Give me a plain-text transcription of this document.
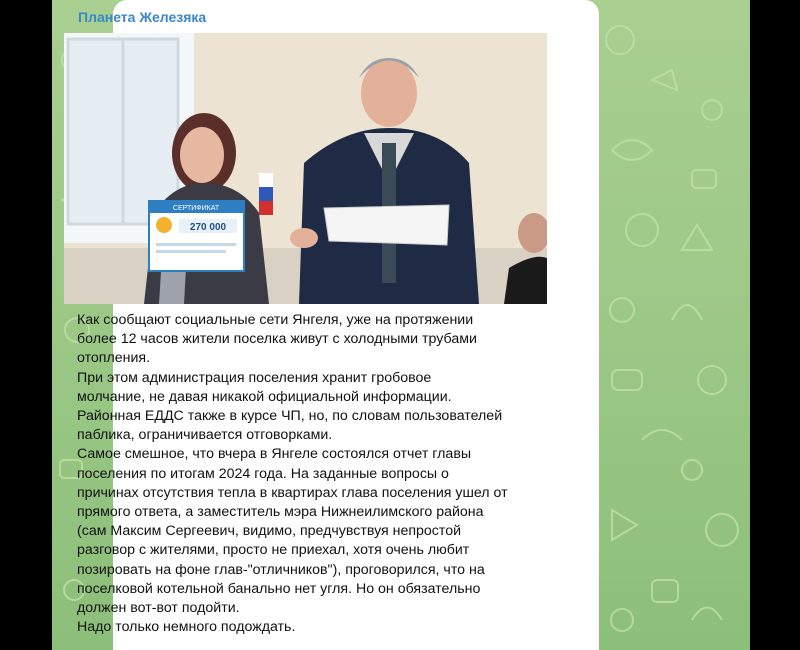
Планета Железяка
СЕРТИФИКАТ
270 000

Как сообщают социальные сети Янгеля, уже на протяжении
более 12 часов жители поселка живут с холодными трубами
отопления.

При этом администрация поселения хранит гробовое
молчание, не давая никакой официальной информации.

Районная ЕДДС также в курсе ЧП, но, по словам пользователей
паблика, ограничивается отговорками.

Самое смешное, что вчера в Янгеле состоялся отчет главы
поселения по итогам 2024 года. На заданные вопросы о
причинах отсутствия тепла в квартирах глава поселения ушел от
прямого ответа, а заместитель мэра Нижнеилимского района
(сам Максим Сергеевич, видимо, предчувствуя непростой
разговор с жителями, просто не приехал, хотя очень любит
позировать на фоне глав-"отличников"), проговорился, что на
поселковой котельной банально нет угля. Но он обязательно
должен вот-вот подойти.

Надо только немного подождать.
